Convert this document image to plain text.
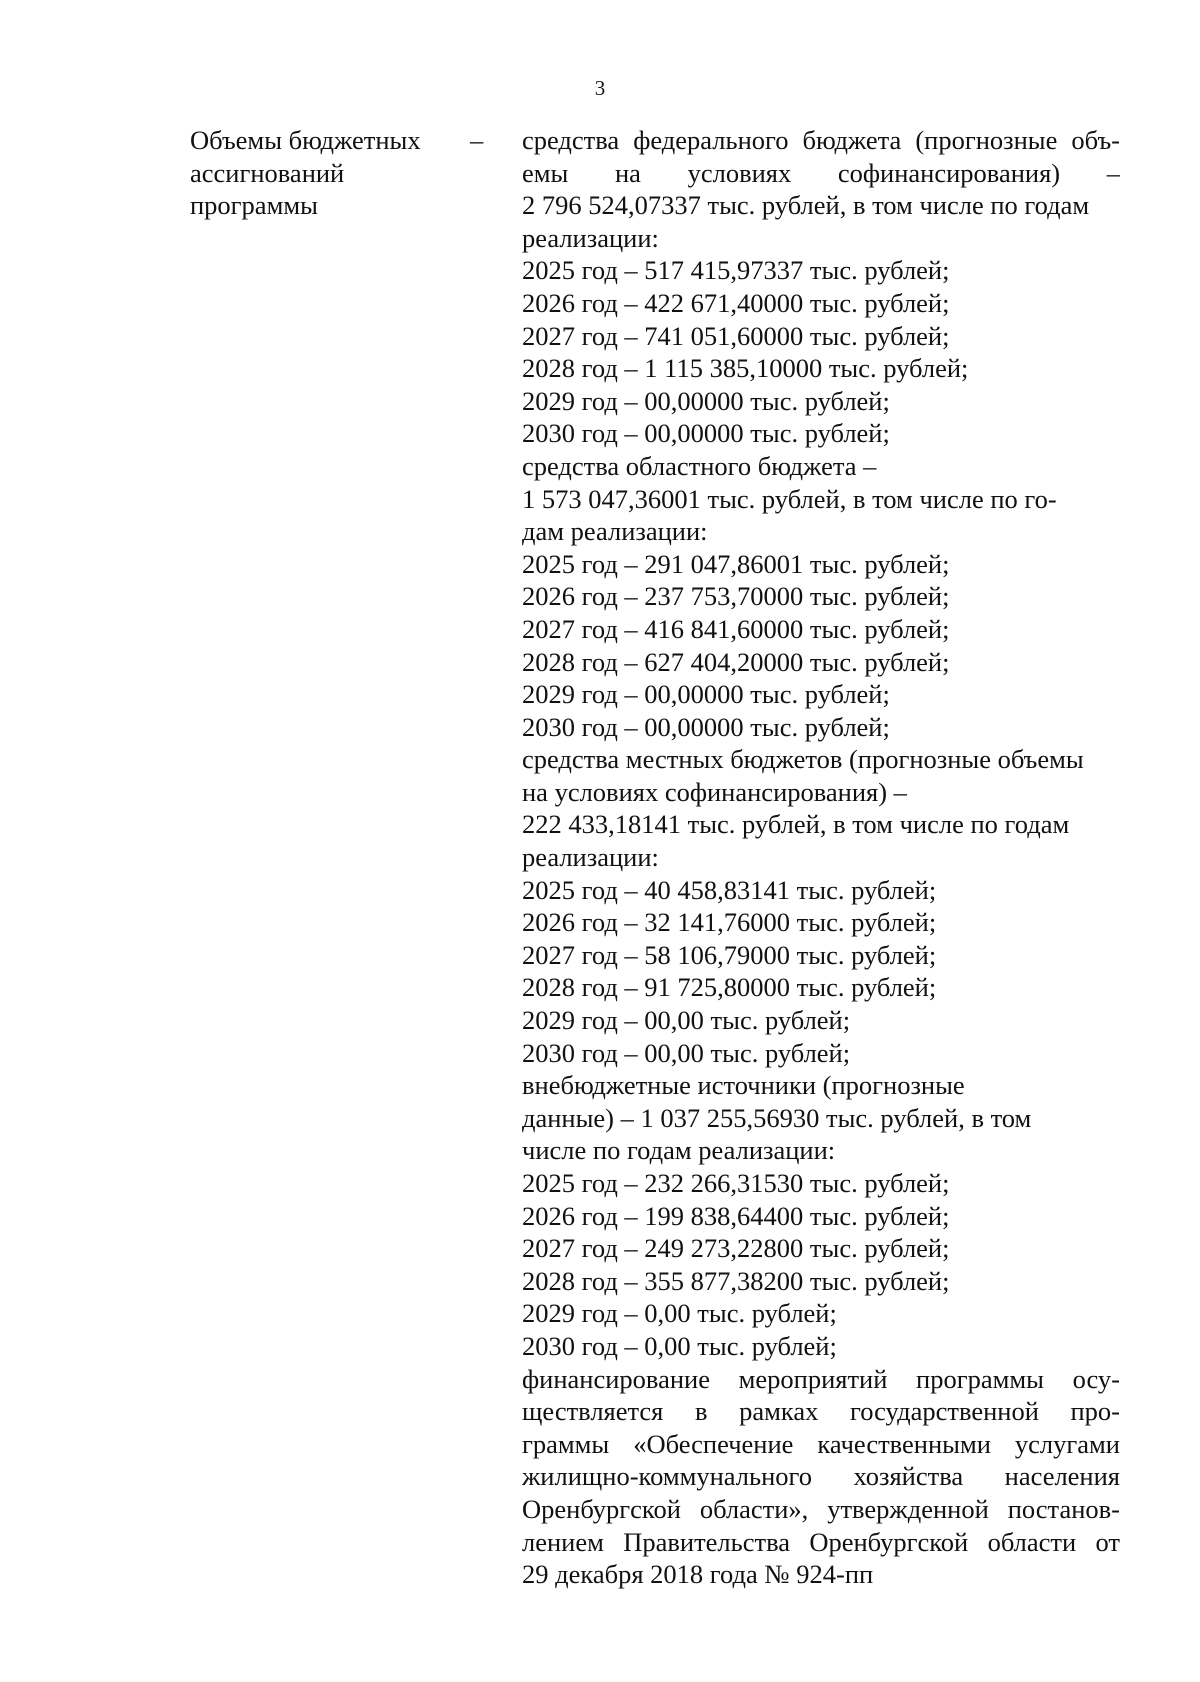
3
Объемы бюджетных
ассигнований
программы
– средства федерального бюджета (прогнозные объ-
емы на условиях софинансирования) –
2 796 524,07337 тыс. рублей, в том числе по годам
реализации:
2025 год – 517 415,97337 тыс. рублей;
2026 год – 422 671,40000 тыс. рублей;
2027 год – 741 051,60000 тыс. рублей;
2028 год – 1 115 385,10000 тыс. рублей;
2029 год – 00,00000 тыс. рублей;
2030 год – 00,00000 тыс. рублей;
средства областного бюджета –
1 573 047,36001 тыс. рублей, в том числе по го-
дам реализации:
2025 год – 291 047,86001 тыс. рублей;
2026 год – 237 753,70000 тыс. рублей;
2027 год – 416 841,60000 тыс. рублей;
2028 год – 627 404,20000 тыс. рублей;
2029 год – 00,00000 тыс. рублей;
2030 год – 00,00000 тыс. рублей;
средства местных бюджетов (прогнозные объемы
на условиях софинансирования) –
222 433,18141 тыс. рублей, в том числе по годам
реализации:
2025 год – 40 458,83141 тыс. рублей;
2026 год – 32 141,76000 тыс. рублей;
2027 год – 58 106,79000 тыс. рублей;
2028 год – 91 725,80000 тыс. рублей;
2029 год – 00,00 тыс. рублей;
2030 год – 00,00 тыс. рублей;
внебюджетные источники (прогнозные
данные) – 1 037 255,56930 тыс. рублей, в том
числе по годам реализации:
2025 год – 232 266,31530 тыс. рублей;
2026 год – 199 838,64400 тыс. рублей;
2027 год – 249 273,22800 тыс. рублей;
2028 год – 355 877,38200 тыс. рублей;
2029 год – 0,00 тыс. рублей;
2030 год – 0,00 тыс. рублей;
финансирование мероприятий программы осу-
ществляется в рамках государственной про-
граммы «Обеспечение качественными услугами
жилищно-коммунального хозяйства населения
Оренбургской области», утвержденной постанов-
лением Правительства Оренбургской области от
29 декабря 2018 года № 924-пп
